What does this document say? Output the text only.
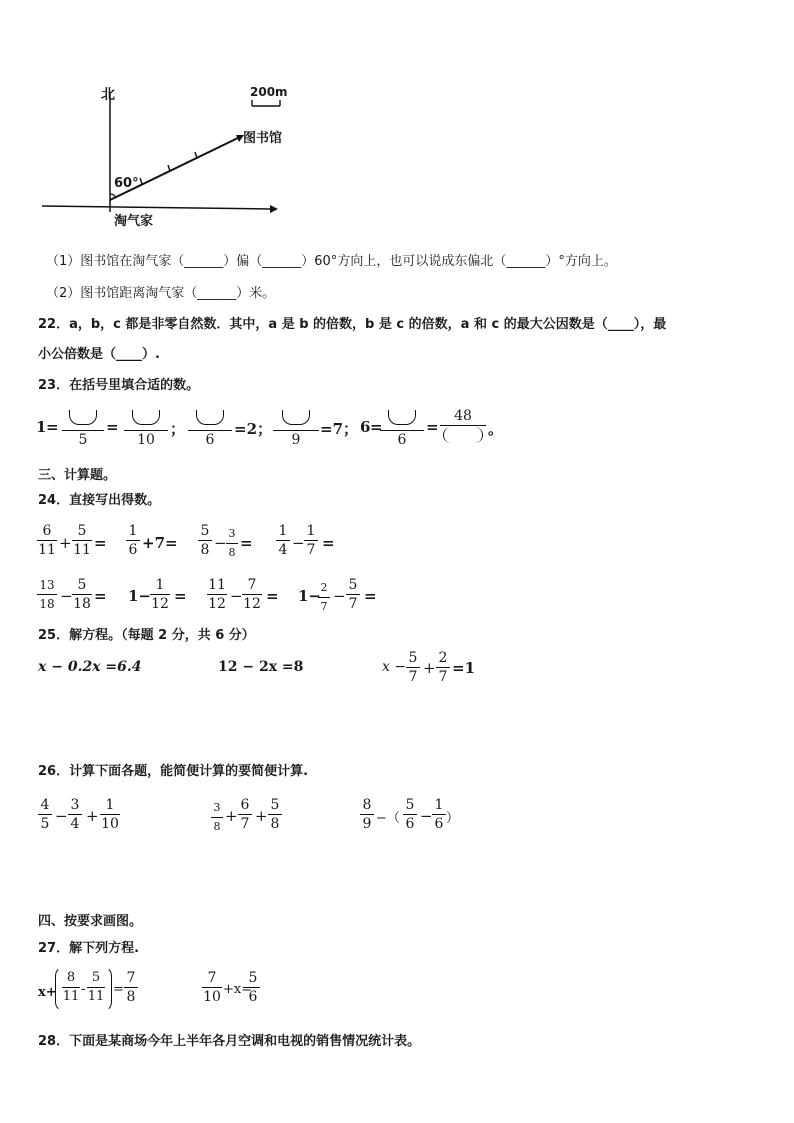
北	200m
图书馆
60°
淘气家
（1）图书馆在淘气家（______）偏（______）60°方向上，也可以说成东偏北（______）°方向上。
（2）图书馆距离淘气家（______）米。
22．a，b，c 都是非零自然数．其中，a 是 b 的倍数，b 是 c 的倍数，a 和 c 的最大公因数是（____），最
小公倍数是（____）.
23．在括号里填合适的数。
1 =
5
=
10
；
6
=2；
9
=7； 6 =
6
=
48
。
三、计算题。
24．直接写出得数。
6
11 +
5
11 =
1
6 +7=
5
8 −
3
8
=
1
4 −
1
7 =
13
18 −
5
18 = 1−
1
12 =
11
12 −
7
12 = 1− 2
7
−
5
7 =
25．解方程。（每题 2 分，共 6 分）
x − 0.2x =6.4	12 − 2x =8	x −
5
7 +
2
7 =1
26．计算下面各题，能简便计算的要简便计算.
4
5 −
3
4 +
1
10
3
8
+
6
7 +
5
8
8
9 −（
5
6 −
1
6 ）
四、按要求画图。
27．解下列方程.
x+
8
11 -
5
11 =
7
8
7
10 +x=
5
6
28．下面是某商场今年上半年各月空调和电视的销售情况统计表。
